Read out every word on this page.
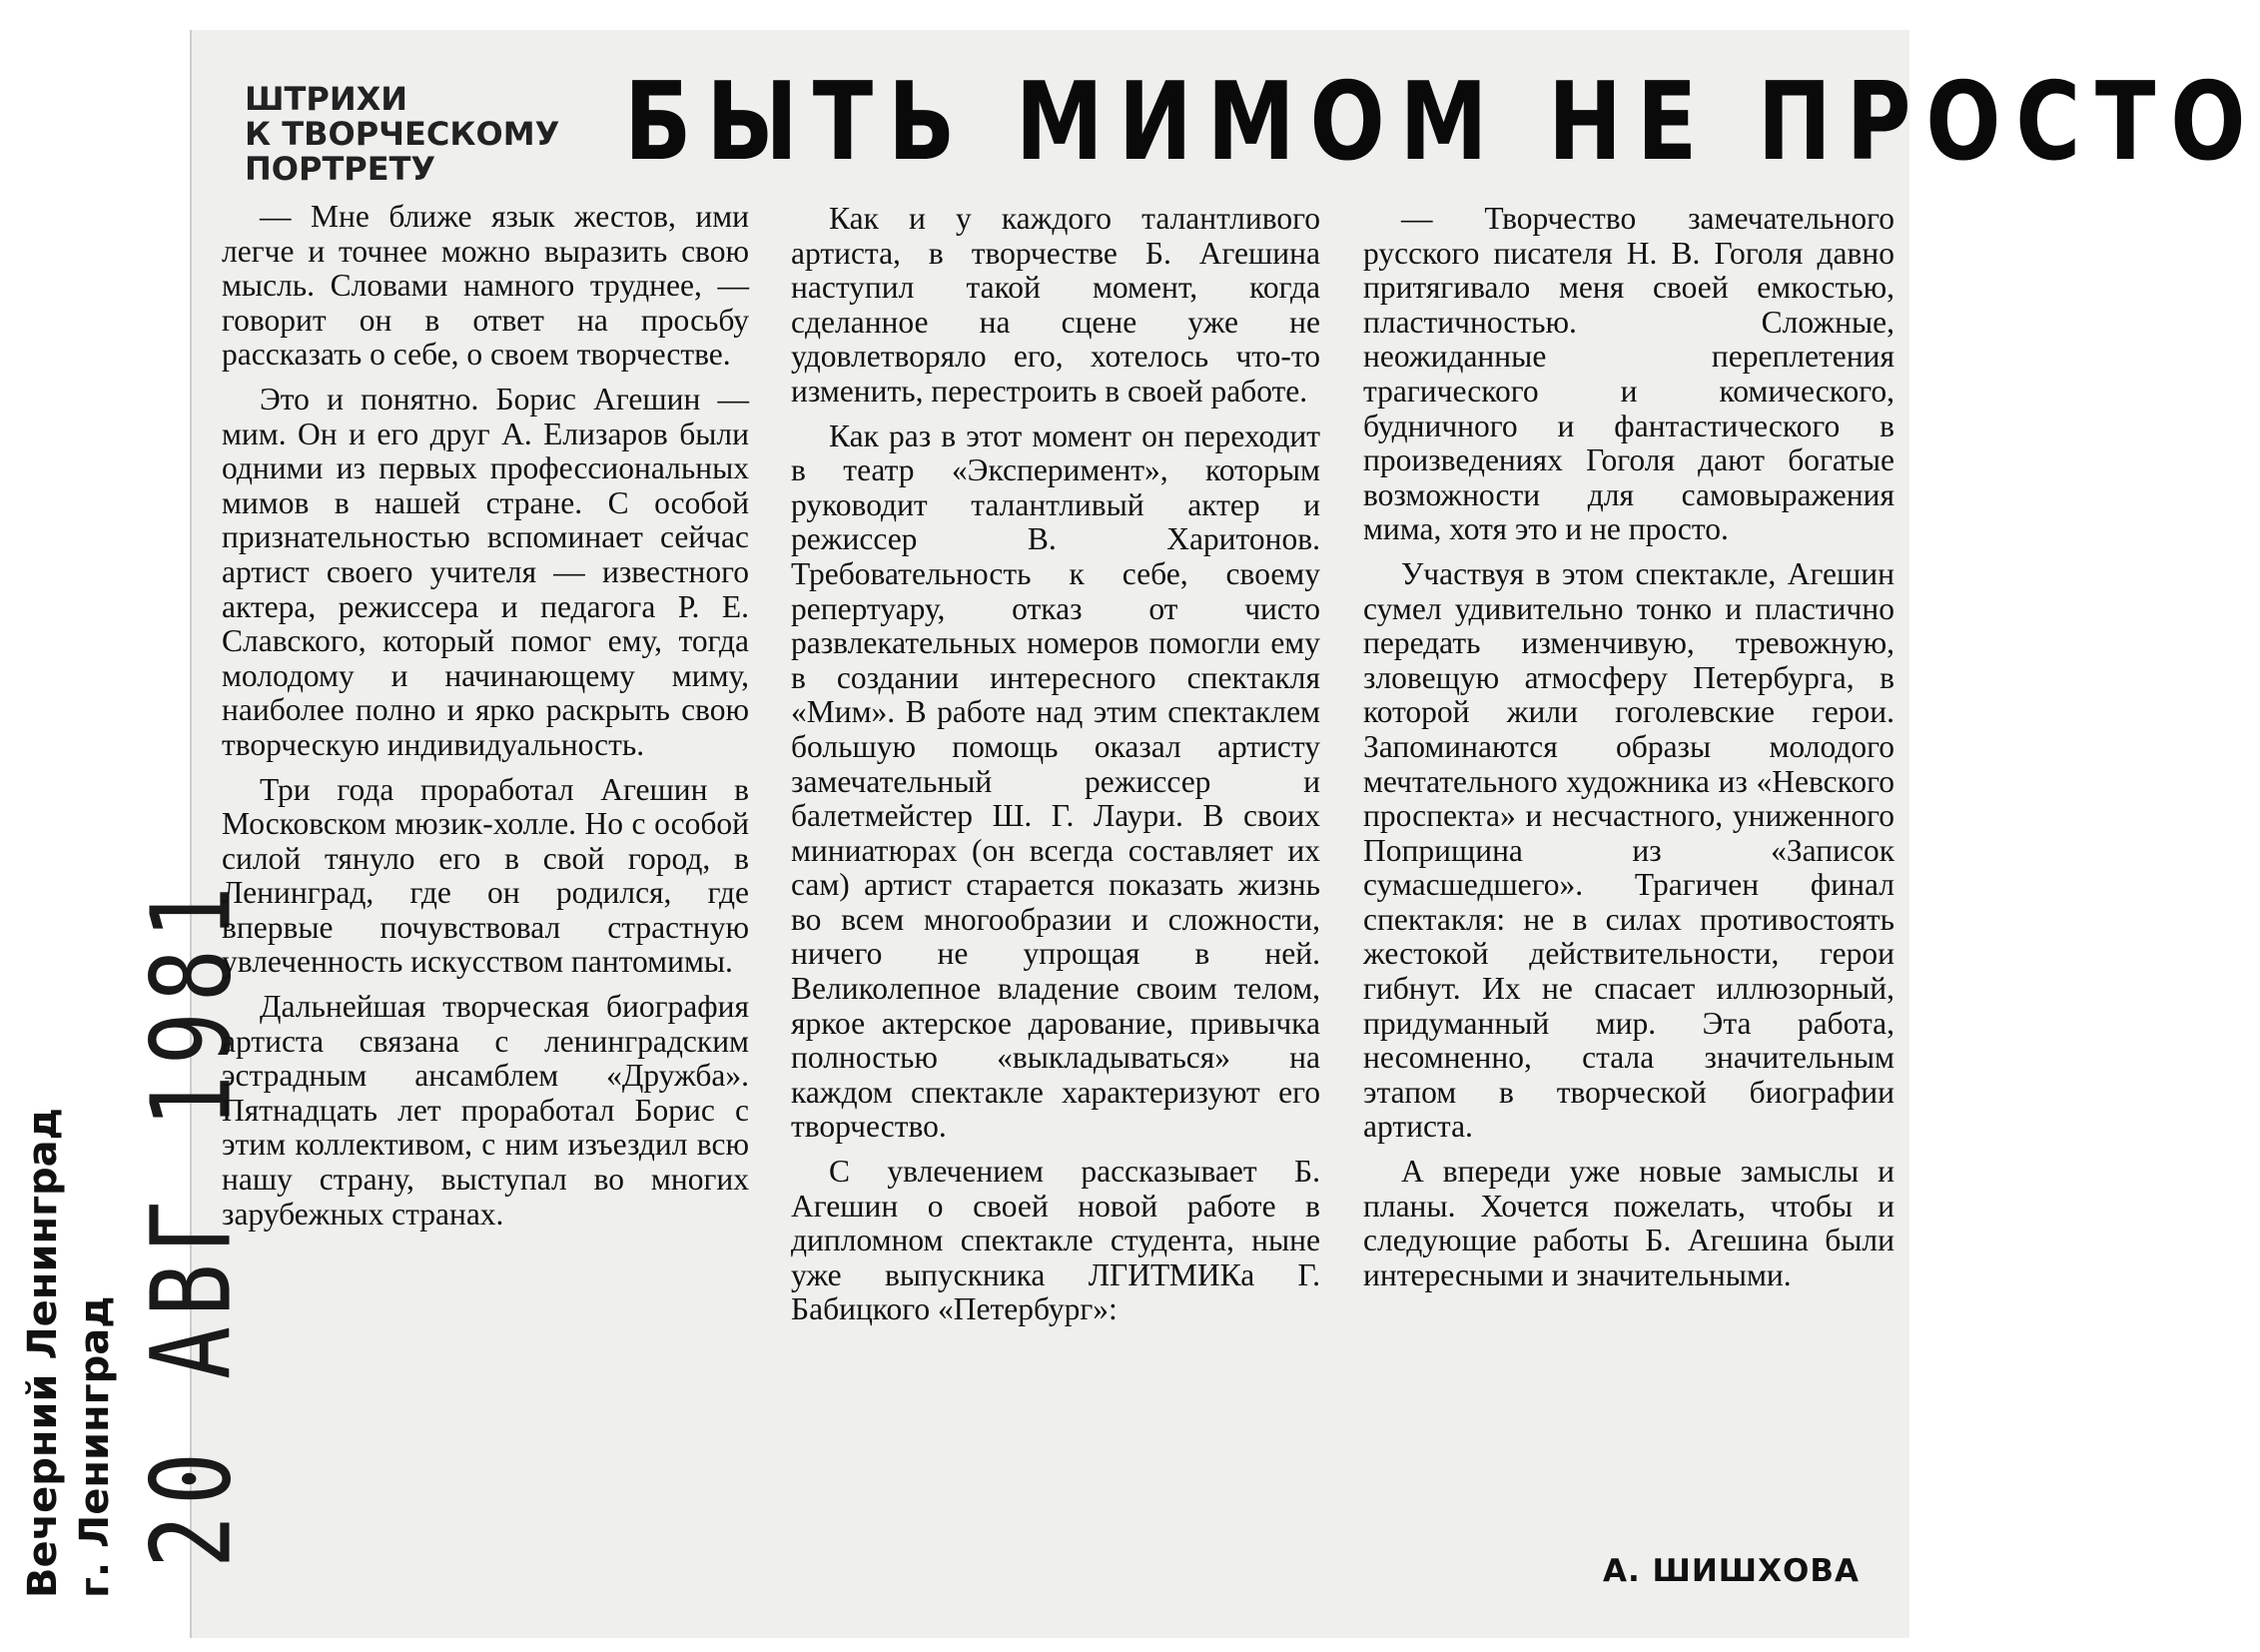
Вечерний Ленинград г. Ленинград 20 АВГ 1981
ШТРИХИ
К ТВОРЧЕСКОМУ
ПОРТРЕТУ	БЫТЬ МИМОМ НЕ ПРОСТО

— Мне ближе язык жестов, ими легче и точнее можно выразить свою мысль. Словами намного труднее, — говорит он в ответ на просьбу рассказать о себе, о своем творчестве.

Это и понятно. Борис Агешин — мим. Он и его друг А. Елизаров были одними из первых профессиональных мимов в нашей стране. С особой признательностью вспоминает сейчас артист своего учителя — известного актера, режиссера и педагога Р. Е. Славского, который помог ему, тогда молодому и начинающему миму, наиболее полно и ярко раскрыть свою творческую индивидуальность.

Три года проработал Агешин в Московском мюзик-холле. Но с особой силой тянуло его в свой город, в Ленинград, где он родился, где впервые почувствовал страстную увлеченность искусством пантомимы.

Дальнейшая творческая биография артиста связана с ленинградским эстрадным ансамблем «Дружба». Пятнадцать лет проработал Борис с этим коллективом, с ним изъездил всю нашу страну, выступал во многих зарубежных странах.

Как и у каждого талантливого артиста, в творчестве Б. Агешина наступил такой момент, когда сделанное на сцене уже не удовлетворяло его, хотелось что-то изменить, перестроить в своей работе.

Как раз в этот момент он переходит в театр «Эксперимент», которым руководит талантливый актер и режиссер В. Харитонов. Требовательность к себе, своему репертуару, отказ от чисто развлекательных номеров помогли ему в создании интересного спектакля «Мим». В работе над этим спектаклем большую помощь оказал артисту замечательный режиссер и балетмейстер Ш. Г. Лаури. В своих миниатюрах (он всегда составляет их сам) артист старается показать жизнь во всем многообразии и сложности, ничего не упрощая в ней. Великолепное владение своим телом, яркое актерское дарование, привычка полностью «выкладываться» на каждом спектакле характеризуют его творчество.

С увлечением рассказывает Б. Агешин о своей новой работе в дипломном спектакле студента, ныне уже выпускника ЛГИТМИКа Г. Бабицкого «Петербург»:

— Творчество замечательного русского писателя Н. В. Гоголя давно притягивало меня своей емкостью, пластичностью. Сложные, неожиданные переплетения трагического и комического, будничного и фантастического в произведениях Гоголя дают богатые возможности для самовыражения мима, хотя это и не просто.

Участвуя в этом спектакле, Агешин сумел удивительно тонко и пластично передать изменчивую, тревожную, зловещую атмосферу Петербурга, в которой жили гоголевские герои. Запоминаются образы молодого мечтательного художника из «Невского проспекта» и несчастного, униженного Поприщина из «Записок сумасшедшего». Трагичен финал спектакля: не в силах противостоять жестокой действительности, герои гибнут. Их не спасает иллюзорный, придуманный мир. Эта работа, несомненно, стала значительным этапом в творческой биографии артиста.

А впереди уже новые замыслы и планы. Хочется пожелать, чтобы и следующие работы Б. Агешина были интересными и значительными.

А. ШИШХОВА
